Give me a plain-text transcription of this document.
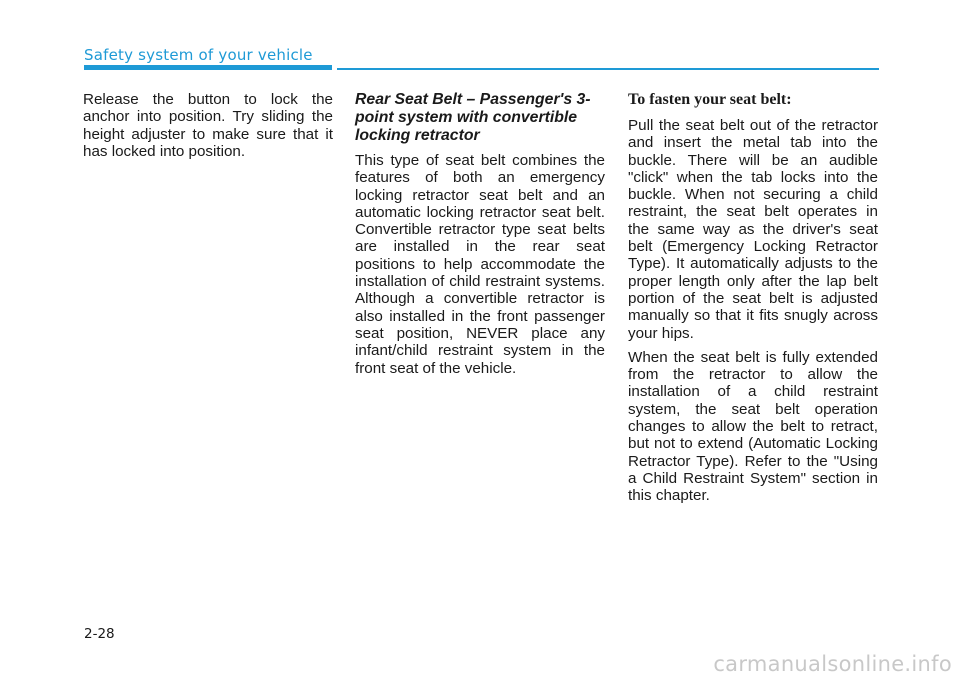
Safety system of your vehicle

Release the button to lock the anchor into position. Try sliding the height adjuster to make sure that it has locked into position.

Rear Seat Belt – Passenger's 3-point system with convertible locking retractor

This type of seat belt combines the features of both an emergency locking retractor seat belt and an automatic locking retractor seat belt. Convertible retractor type seat belts are installed in the rear seat positions to help accommodate the installation of child restraint systems. Although a convertible retractor is also installed in the front passenger seat position, NEVER place any infant/child restraint system in the front seat of the vehicle.

To fasten your seat belt:

Pull the seat belt out of the retractor and insert the metal tab into the buckle. There will be an audible "click" when the tab locks into the buckle. When not securing a child restraint, the seat belt operates in the same way as the driver's seat belt (Emergency Locking Retractor Type). It automatically adjusts to the proper length only after the lap belt portion of the seat belt is adjusted manually so that it fits snugly across your hips.

When the seat belt is fully extended from the retractor to allow the installation of a child restraint system, the seat belt operation changes to allow the belt to retract, but not to extend (Automatic Locking Retractor Type). Refer to the "Using a Child Restraint System" section in this chapter.

2-28
carmanualsonline.info
